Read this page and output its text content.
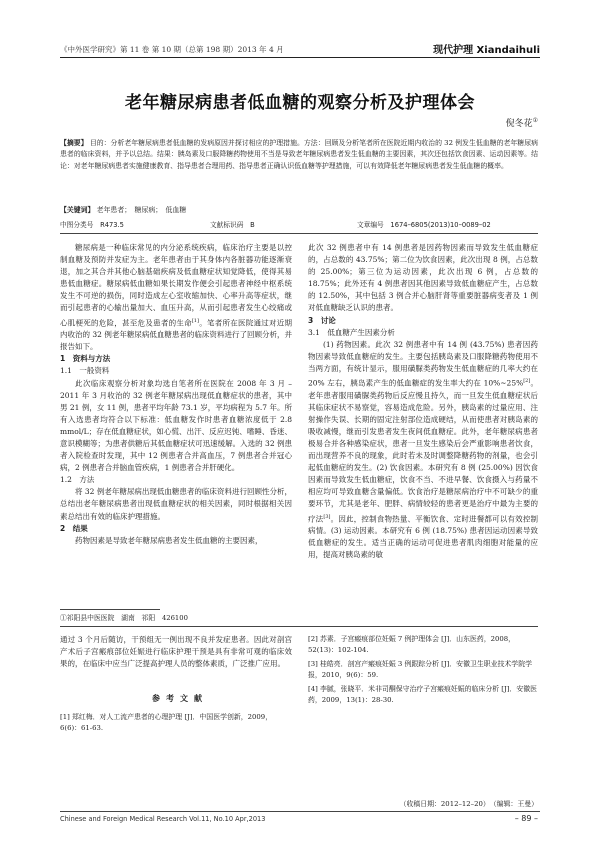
《中外医学研究》第 11 卷 第 10 期（总第 198 期）2013 年 4 月	现代护理 Xiandaihuli
老年糖尿病患者低血糖的观察分析及护理体会
倪冬花①
【摘要】 目的：分析老年糖尿病患者低血糖的发病原因并探讨相应的护理措施。方法：回顾及分析笔者所在医院近期内收治的 32 例发生低血糖的老年糖尿病患者的临床资料，并予以总结。结果：胰岛素及口服降糖药物使用不当是导致老年糖尿病患者发生低血糖的主要因素，其次还包括饮食因素、运动因素等。结论：对老年糖尿病患者实施健康教育、指导患者合理用药、指导患者正确认识低血糖等护理措施，可以有效降低老年糖尿病患者发生低血糖的概率。
【关键词】 老年患者；　糖尿病；　低血糖
中图分类号　R473.5	文献标识码　B	文章编号　1674–6805(2013)10–0089–02

糖尿病是一种临床常见的内分泌系统疾病，临床治疗主要是以控制血糖及预防并发症为主。老年患者由于其身体内各脏器功能逐渐衰退，加之其合并其他心脑基础疾病及低血糖症状知觉降低，使得其易患低血糖症。糖尿病低血糖如果长期发作便会引起患者神经中枢系统发生不可逆的损伤，同时造成左心室收缩加快、心率升高等症状，继而引起患者的心输出量加大、血压升高，从而引起患者发生心绞痛或心肌梗死的危险，甚至危及患者的生命[1]。笔者所在医院通过对近期内收治的 32 例老年糖尿病低血糖患者的临床资料进行了回顾分析，并报告如下。

1　资料与方法

1.1　一般资料

此次临床观察分析对象均选自笔者所在医院在 2008 年 3 月 –2011 年 3 月收治的 32 例老年糖尿病出现低血糖症状的患者，其中男 21 例，女 11 例，患者平均年龄 73.1 岁，平均病程为 5.7 年。所有入选患者均符合以下标准：低血糖发作时患者血糖浓度低于 2.8 mmol/L；存在低血糖症状，如心慌、出汗、反应迟钝、嗜睡、昏迷、意识模糊等；为患者供糖后其低血糖症状可迅速缓解。入选的 32 例患者入院检查时发现，其中 12 例患者合并高血压，7 例患者合并冠心病，2 例患者合并脑血管疾病，1 例患者合并肝硬化。

1.2　方法

将 32 例老年糖尿病出现低血糖患者的临床资料进行回顾性分析，总结出老年糖尿病患者出现低血糖症状的相关因素，同时根据相关因素总结出有效的临床护理措施。

2　结果

药物因素是导致老年糖尿病患者发生低血糖的主要因素，

此次 32 例患者中有 14 例患者是因药物因素而导致发生低血糖症的，占总数的 43.75%；第二位为饮食因素，此次出现 8 例，占总数的 25.00%；第三位为运动因素，此次出现 6 例，占总数的 18.75%；此外还有 4 例患者因其他因素导致低血糖症产生，占总数的 12.50%，其中包括 3 例合并心脑肝肾等重要脏器病变者及 1 例对低血糖缺乏认识的患者。

3　讨论

3.1　低血糖产生因素分析

(1) 药物因素。此次 32 例患者中有 14 例 (43.75%) 患者因药物因素导致低血糖症的发生。主要包括胰岛素及口服降糖药物使用不当两方面，有统计显示，服用磺脲类药物发生低血糖症的几率大约在 20% 左右，胰岛素产生的低血糖症的发生率大约在 10%~25%[2]。老年患者服用磺脲类药物后反应慢且持久，而一旦发生低血糖症状后其临床症状不易察觉，容易造成危险。另外，胰岛素的过量应用、注射操作失误、长期的固定注射部位造成硬结，从而使患者对胰岛素的吸收减慢，继而引发患者发生夜间低血糖症。此外，老年糖尿病患者极易合并各种感染症状，患者一旦发生感染后会严重影响患者饮食，而出现营养不良的现象，此时若未及时调整降糖药物的剂量，也会引起低血糖症的发生。(2) 饮食因素。本研究有 8 例 (25.00%) 因饮食因素而导致发生低血糖症，饮食不当、不进早餐、饮食摄入与药量不相应均可导致血糖含量偏低。饮食治疗是糖尿病治疗中不可缺少的重要环节，尤其是老年、肥胖、病情较轻的患者更是治疗中最为主要的疗法[3]。因此，控制食物热量、平衡饮食、定时进餐都可以有效控制病情。(3) 运动因素。本研究有 6 例 (18.75%) 患者因运动因素导致低血糖症的发生。适当正确的运动可促进患者肌肉细胞对能量的应用，提高对胰岛素的敏

①祁阳县中医医院　湖南　祁阳　426100

通过 3 个月后随访，干预组无一例出现不良并发症患者。因此对剖宫产术后子宫瘢痕部位妊娠进行临床护理干预是具有非常可观的临床效果的，在临床中应当广泛提高护理人员的整体素质，广泛推广应用。

参考文献
[1] 郑红梅．对人工流产患者的心理护理 [J]．中国医学创新，2009，6(6)：61-63.
[2] 苏素．子宫瘢痕部位妊娠 7 例护理体会 [J]．山东医药，2008，52(13)：102-104.
[3] 桂皓亮．剖宫产瘢痕妊娠 3 例跟踪分析 [J]．安徽卫生职业技术学院学报，2010，9(6)：59.
[4] 李腻，张晓平．米非司酮保守治疗子宫瘢痕妊娠的临床分析 [J]．安徽医药，2009，13(1)：28-30.
（收稿日期：2012–12–20）　（编辑：王曼）
Chinese and Foreign Medical Research Vol.11, No.10 Apr,2013	– 89 –
